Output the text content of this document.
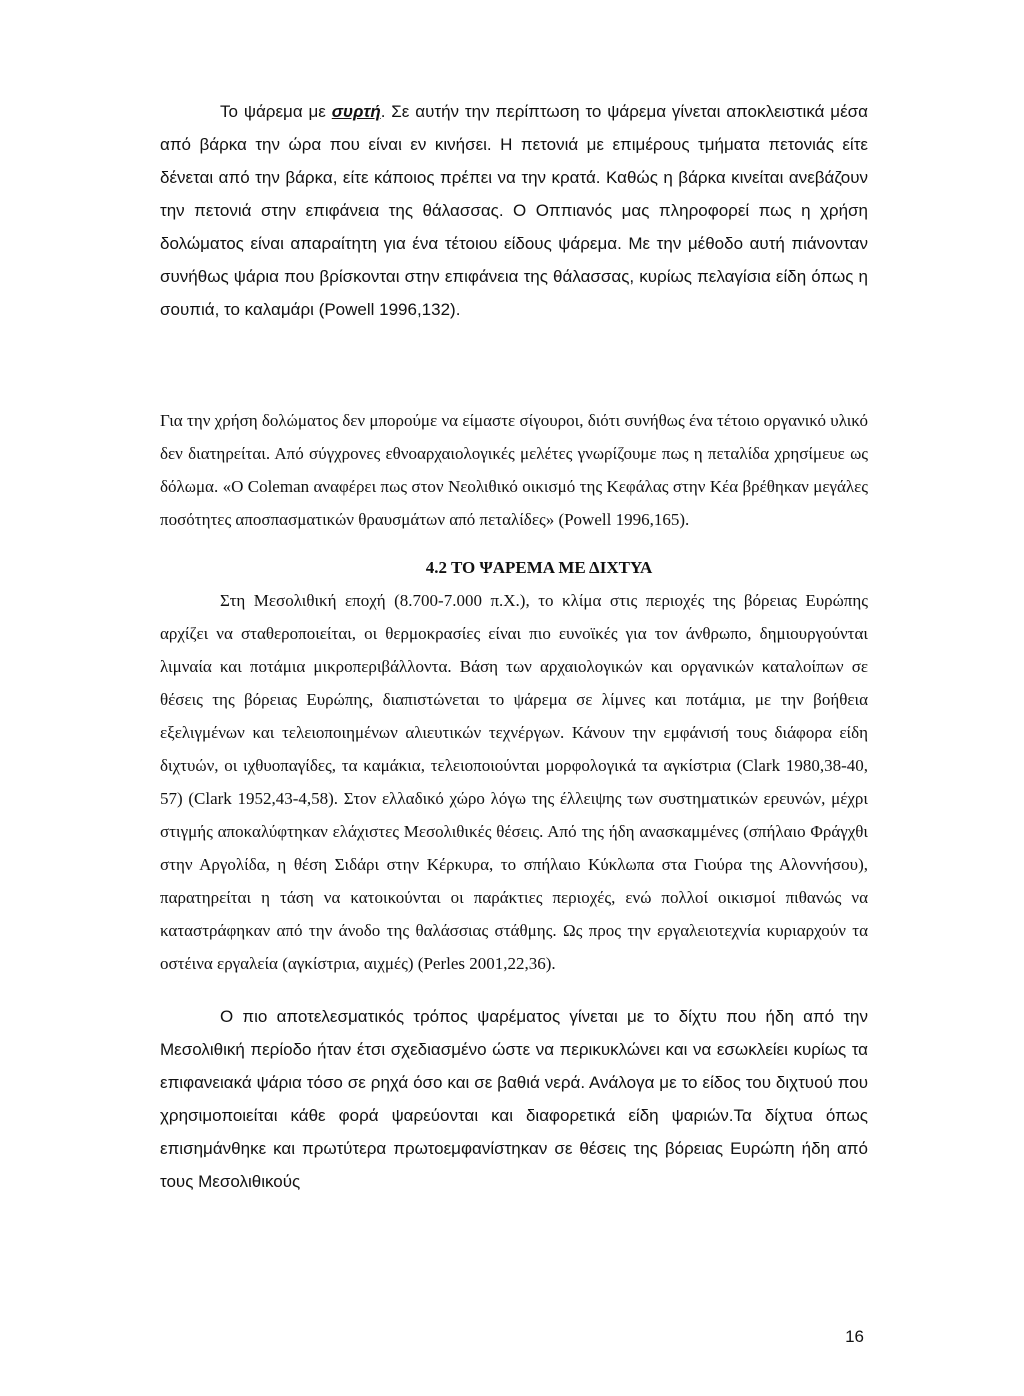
Το ψάρεμα με συρτή. Σε αυτήν την περίπτωση το ψάρεμα γίνεται αποκλειστικά μέσα από βάρκα την ώρα που είναι εν κινήσει. Η πετονιά με επιμέρους τμήματα πετονιάς είτε δένεται από την βάρκα, είτε κάποιος πρέπει να την κρατά. Καθώς η βάρκα κινείται ανεβάζουν την πετονιά στην επιφάνεια της θάλασσας. Ο Οππιανός μας πληροφορεί πως η χρήση δολώματος είναι απαραίτητη για ένα τέτοιου είδους ψάρεμα. Με την μέθοδο αυτή πιάνονταν συνήθως ψάρια που βρίσκονται στην επιφάνεια της θάλασσας, κυρίως πελαγίσια είδη όπως η σουπιά, το καλαμάρι (Powell 1996,132).
Για την χρήση δολώματος δεν μπορούμε να είμαστε σίγουροι, διότι συνήθως ένα τέτοιο οργανικό υλικό δεν διατηρείται. Από σύγχρονες εθνοαρχαιολογικές μελέτες γνωρίζουμε πως η πεταλίδα χρησίμευε ως δόλωμα. «Ο Coleman αναφέρει πως στον Νεολιθικό οικισμό της Κεφάλας στην Κέα βρέθηκαν μεγάλες ποσότητες αποσπασματικών θραυσμάτων από πεταλίδες» (Powell 1996,165).
4.2 ΤΟ ΨΑΡΕΜΑ ΜΕ ΔΙΧΤΥΑ
Στη Μεσολιθική εποχή (8.700-7.000 π.Χ.), το κλίμα στις περιοχές της βόρειας Ευρώπης αρχίζει να σταθεροποιείται, οι θερμοκρασίες είναι πιο ευνοϊκές για τον άνθρωπο, δημιουργούνται λιμναία και ποτάμια μικροπεριβάλλοντα. Βάση των αρχαιολογικών και οργανικών καταλοίπων σε θέσεις της βόρειας Ευρώπης, διαπιστώνεται το ψάρεμα σε λίμνες και ποτάμια, με την βοήθεια εξελιγμένων και τελειοποιημένων αλιευτικών τεχνέργων. Κάνουν την εμφάνισή τους διάφορα είδη διχτυών, οι ιχθυοπαγίδες, τα καμάκια, τελειοποιούνται μορφολογικά τα αγκίστρια (Clark 1980,38-40, 57) (Clark 1952,43-4,58). Στον ελλαδικό χώρο λόγω της έλλειψης των συστηματικών ερευνών, μέχρι στιγμής αποκαλύφτηκαν ελάχιστες Μεσολιθικές θέσεις. Από της ήδη ανασκαμμένες (σπήλαιο Φράγχθι στην Αργολίδα, η θέση Σιδάρι στην Κέρκυρα, το σπήλαιο Κύκλωπα στα Γιούρα της Αλοννήσου), παρατηρείται η τάση να κατοικούνται οι παράκτιες περιοχές, ενώ πολλοί οικισμοί πιθανώς να καταστράφηκαν από την άνοδο της θαλάσσιας στάθμης. Ως προς την εργαλειοτεχνία κυριαρχούν τα οστέινα εργαλεία (αγκίστρια, αιχμές) (Perles 2001,22,36).
Ο πιο αποτελεσματικός τρόπος ψαρέματος γίνεται με το δίχτυ που ήδη από την Μεσολιθική περίοδο ήταν έτσι σχεδιασμένο ώστε να περικυκλώνει και να εσωκλείει κυρίως τα επιφανειακά ψάρια τόσο σε ρηχά όσο και σε βαθιά νερά. Ανάλογα με το είδος του διχτυού που χρησιμοποιείται κάθε φορά ψαρεύονται και διαφορετικά είδη ψαριών.Τα δίχτυα όπως επισημάνθηκε και πρωτύτερα πρωτοεμφανίστηκαν σε θέσεις της βόρειας Ευρώπη ήδη από τους Μεσολιθικούς
16
